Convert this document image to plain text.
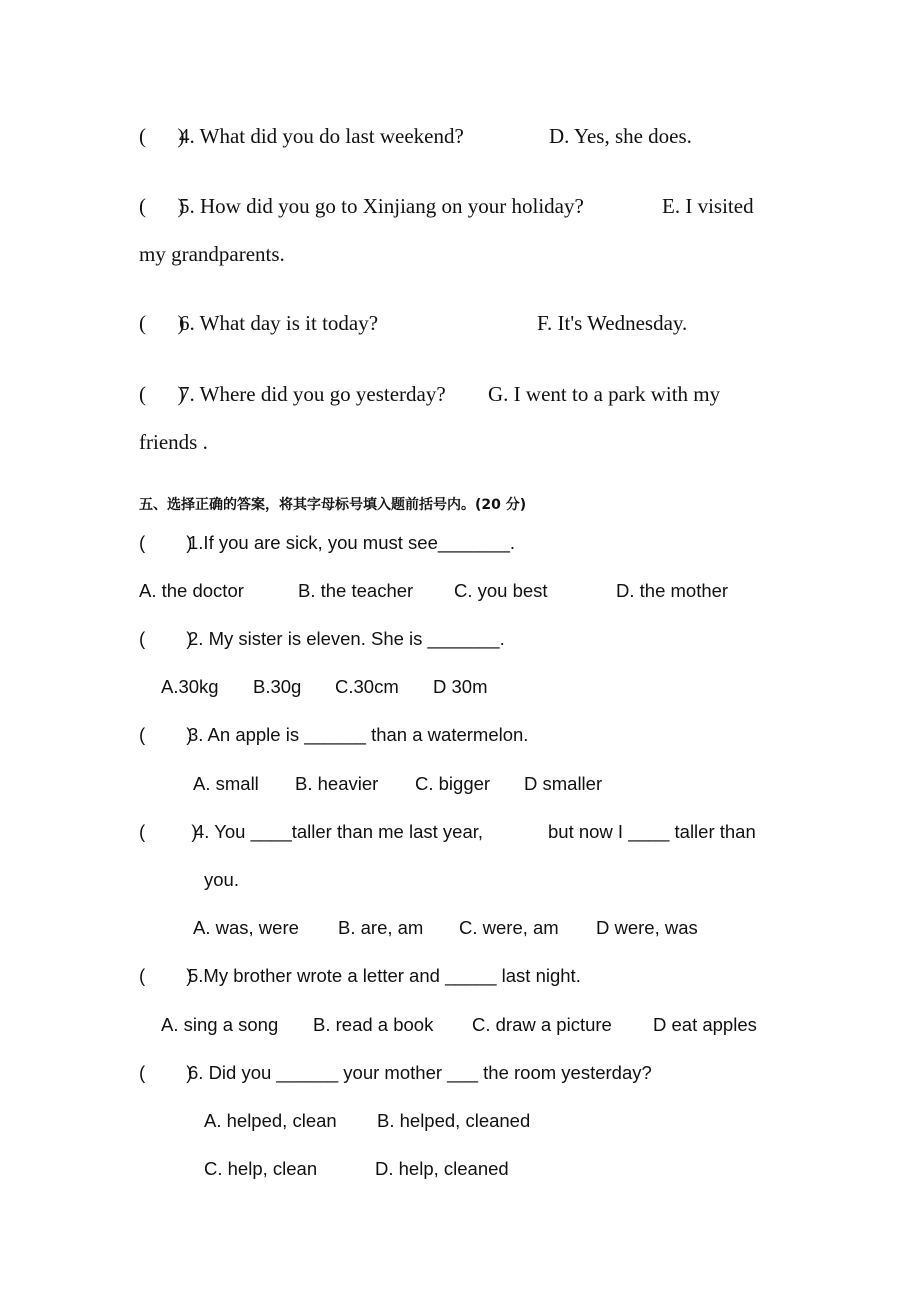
(      )
4. What did you do last weekend?	D. Yes, she does.
(      )
5. How did you go to Xinjiang on your holiday?	E. I visited
my grandparents.
(      )
6. What day is it today?	F. It's Wednesday.
(      )
7. Where did you go yesterday? G. I went to a park with my
friends .
五、选择正确的答案，将其字母标号填入题前括号内。(20 分)
(        )
1.If you are sick, you must see_______.
A. the doctor	B. the teacher C. you best	D. the mother
(        )
2. My sister is eleven. She is _______.
A.30kg B.30g C.30cm D 30m
(        )
3. An apple is ______ than a watermelon.
A. small B. heavier C. bigger D smaller
(         )
4. You ____taller than me last year,	but now I ____ taller than
you.
A. was, were B. are, am C. were, am D were, was
(        )
5.My brother wrote a letter and _____ last night.
A. sing a song B. read a book C. draw a picture D eat apples
(        )
6. Did you ______ your mother ___ the room yesterday?
A. helped, clean B. helped, cleaned
C. help, clean	D. help, cleaned
